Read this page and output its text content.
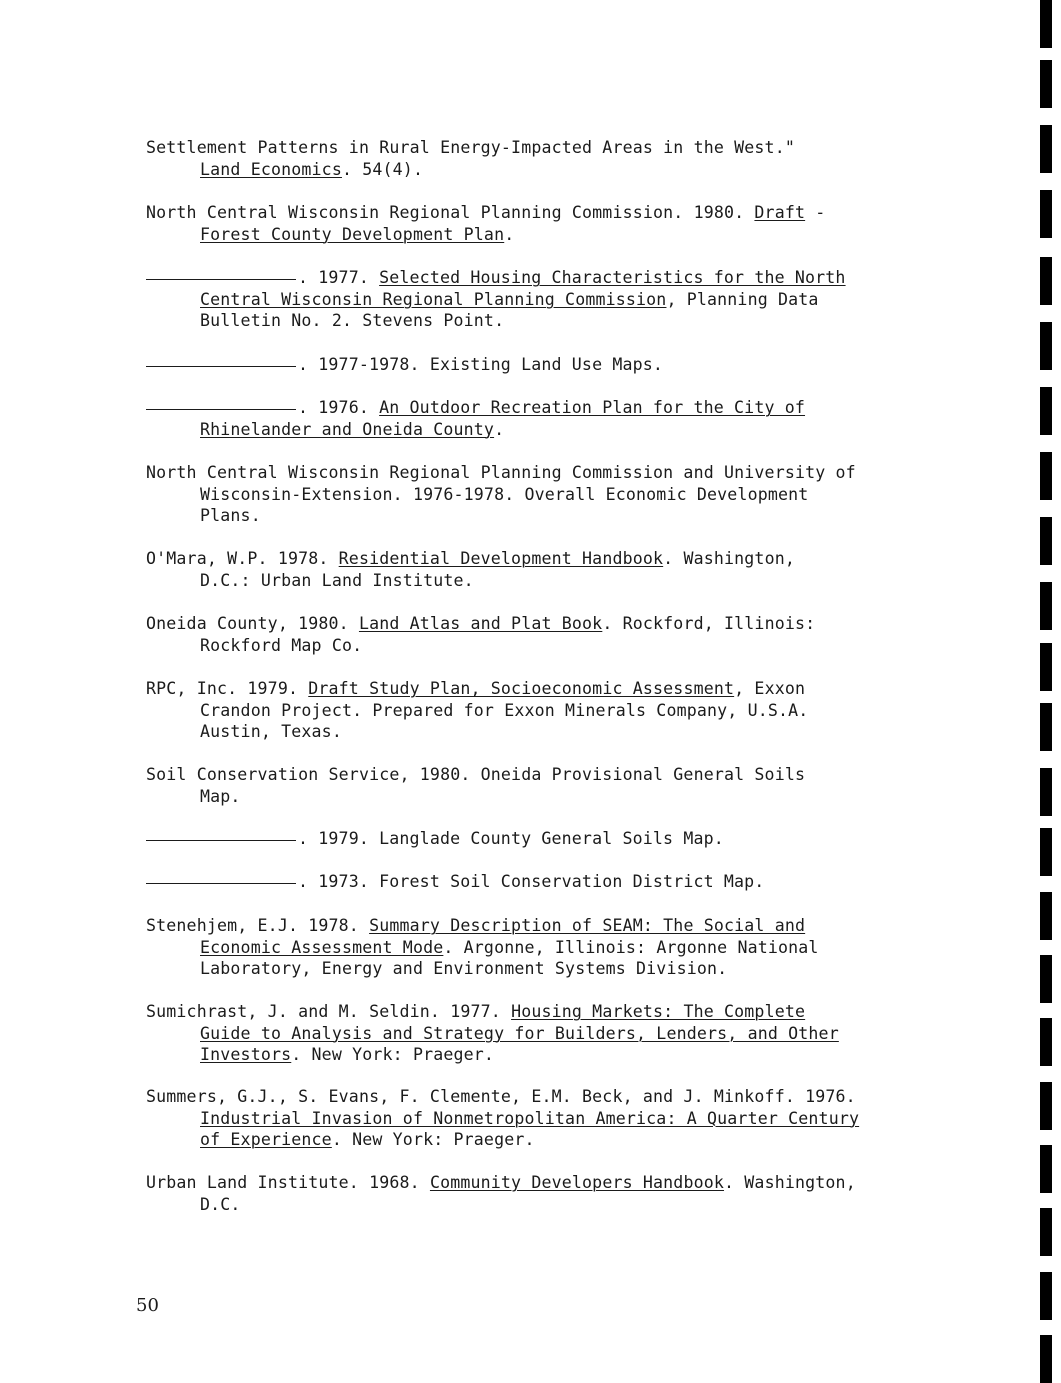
Settlement Patterns in Rural Energy-Impacted Areas in the West."
Land Economics. 54(4).
North Central Wisconsin Regional Planning Commission. 1980. Draft -
Forest County Development Plan.
. 1977. Selected Housing Characteristics for the North
Central Wisconsin Regional Planning Commission, Planning Data
Bulletin No. 2. Stevens Point.
. 1977-1978. Existing Land Use Maps.
. 1976. An Outdoor Recreation Plan for the City of
Rhinelander and Oneida County.
North Central Wisconsin Regional Planning Commission and University of
Wisconsin-Extension. 1976-1978. Overall Economic Development
Plans.
O'Mara, W.P. 1978. Residential Development Handbook. Washington,
D.C.: Urban Land Institute.
Oneida County, 1980. Land Atlas and Plat Book. Rockford, Illinois:
Rockford Map Co.
RPC, Inc. 1979. Draft Study Plan, Socioeconomic Assessment, Exxon
Crandon Project. Prepared for Exxon Minerals Company, U.S.A.
Austin, Texas.
Soil Conservation Service, 1980. Oneida Provisional General Soils
Map.
. 1979. Langlade County General Soils Map.
. 1973. Forest Soil Conservation District Map.
Stenehjem, E.J. 1978. Summary Description of SEAM: The Social and
Economic Assessment Mode. Argonne, Illinois: Argonne National
Laboratory, Energy and Environment Systems Division.
Sumichrast, J. and M. Seldin. 1977. Housing Markets: The Complete
Guide to Analysis and Strategy for Builders, Lenders, and Other
Investors. New York: Praeger.
Summers, G.J., S. Evans, F. Clemente, E.M. Beck, and J. Minkoff. 1976.
Industrial Invasion of Nonmetropolitan America: A Quarter Century
of Experience. New York: Praeger.
Urban Land Institute. 1968. Community Developers Handbook. Washington,
D.C.
50
